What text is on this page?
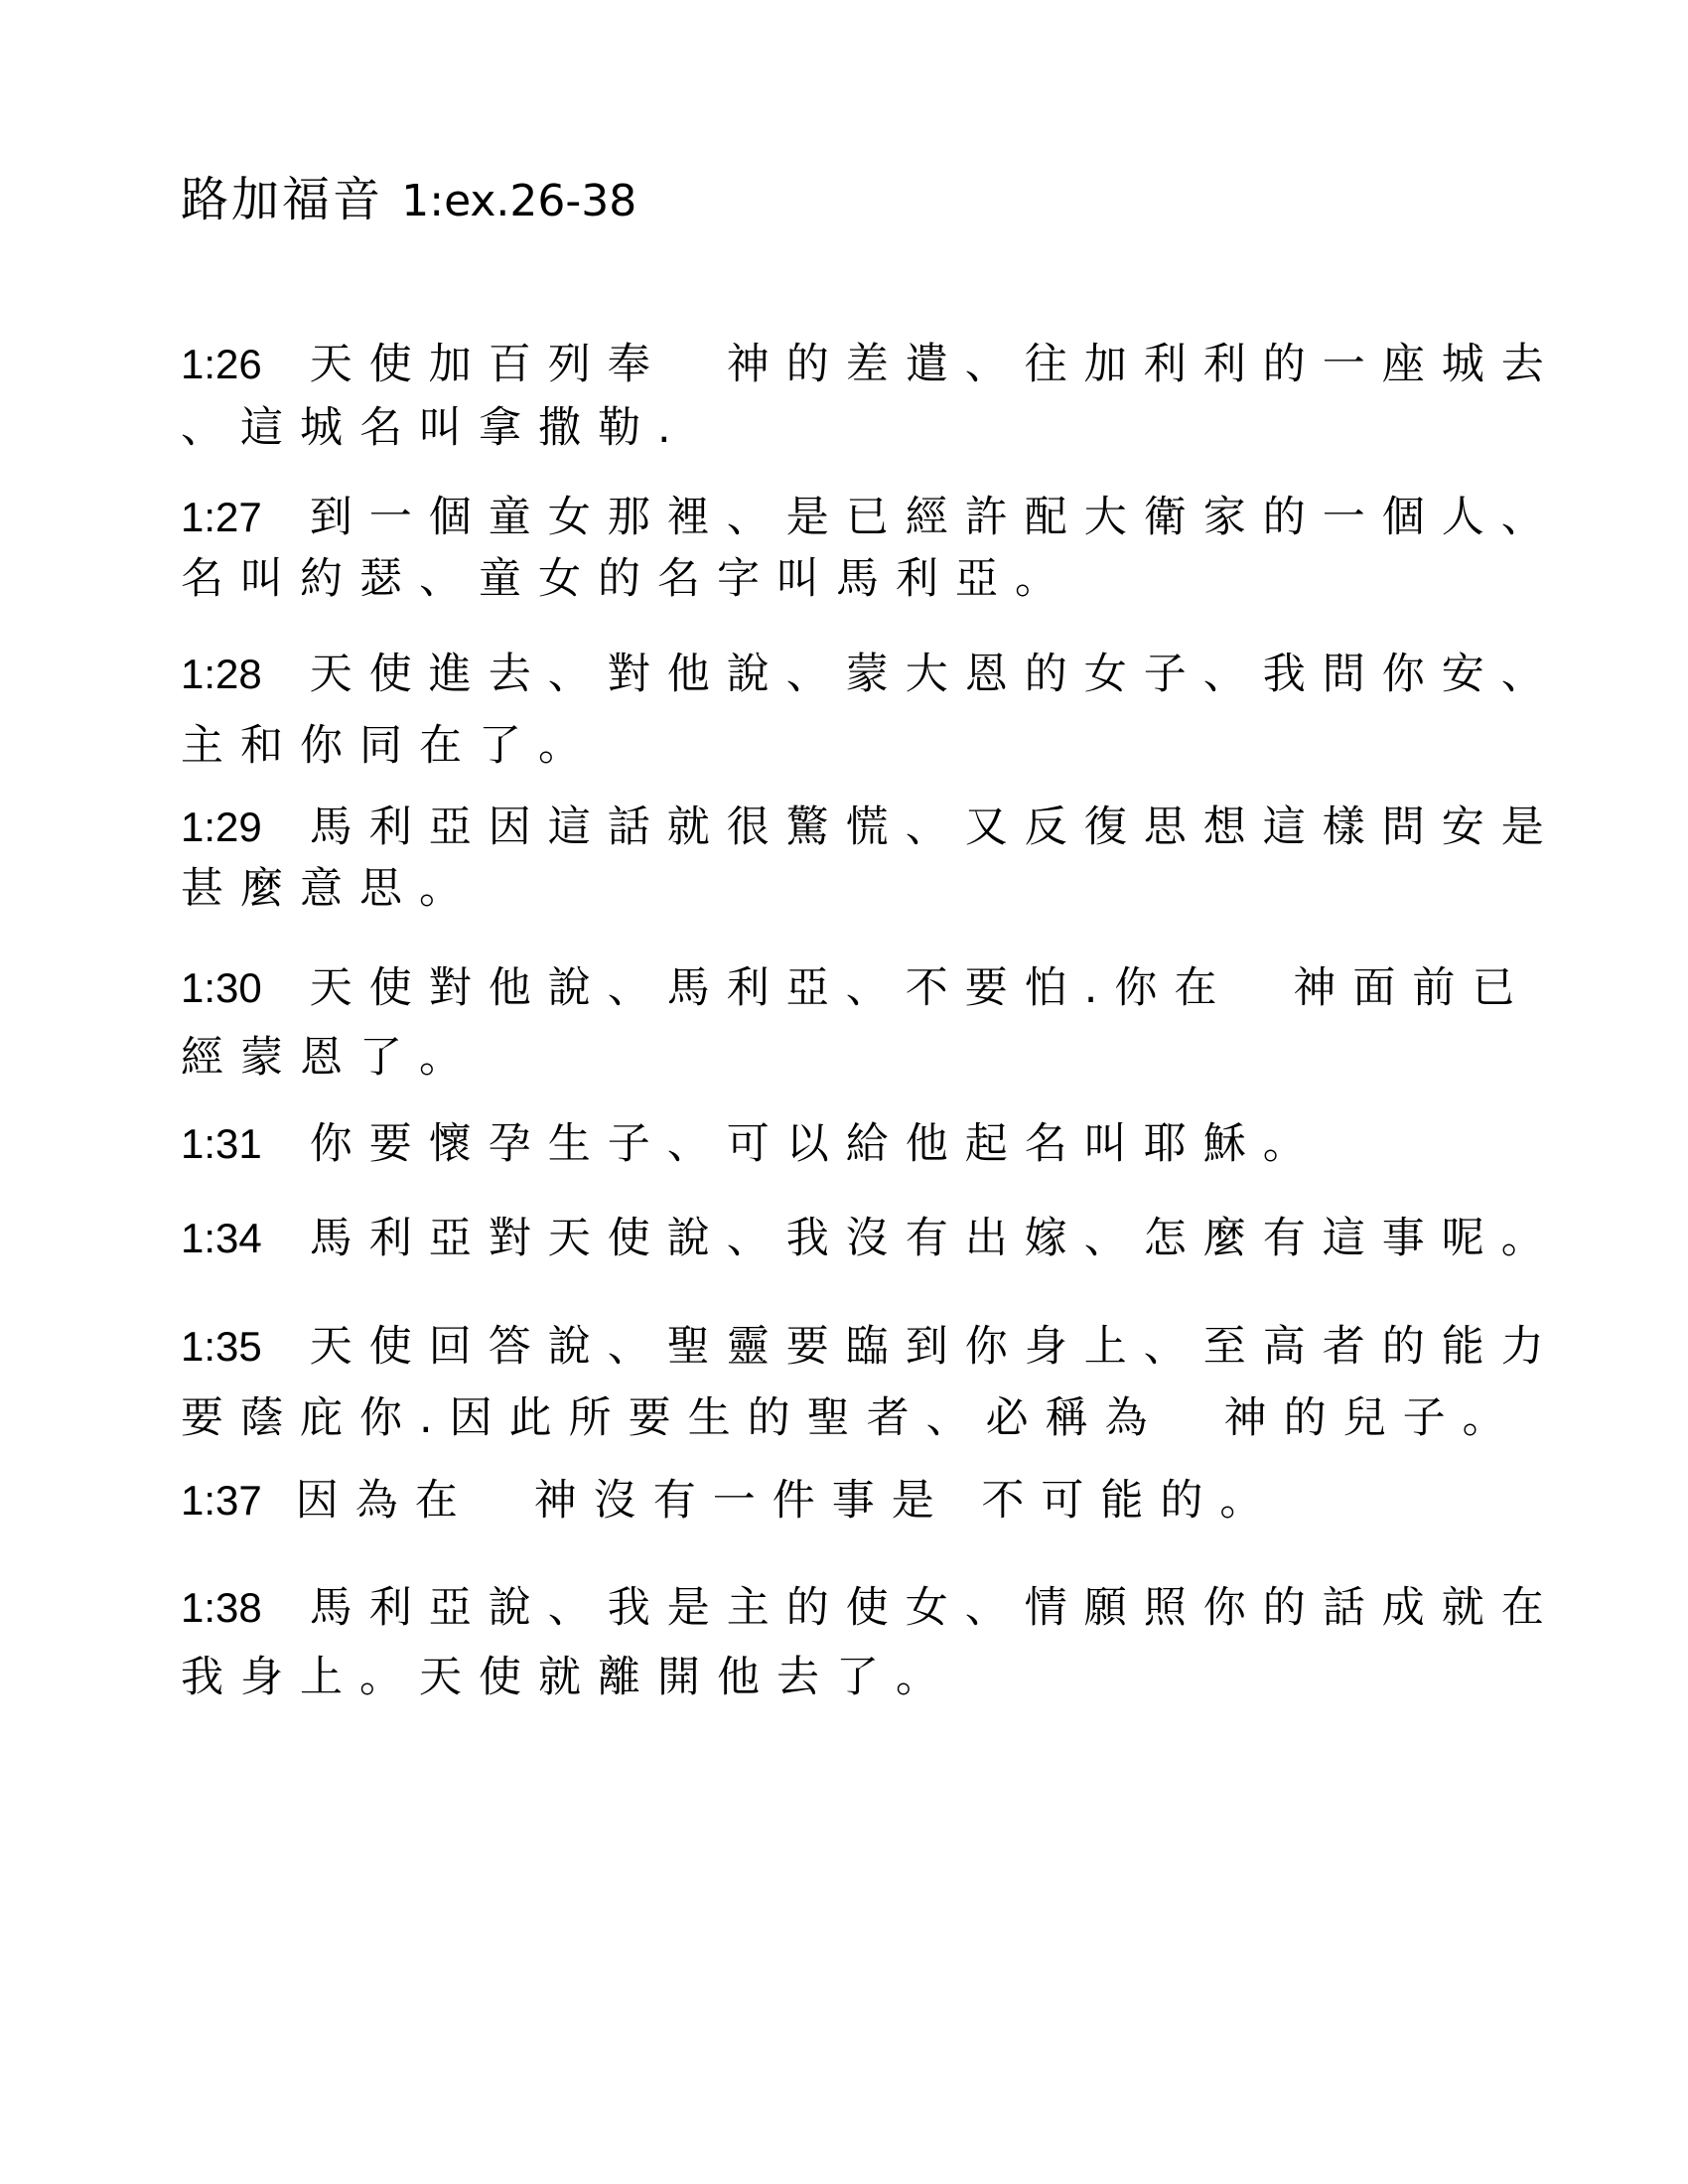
路加福音 1:ex.26-38
1:26 天使加百列奉　神的差遣、往加利利的一座城去
、這城名叫拿撒勒.
1:27 到一個童女那裡、是已經許配大衛家的一個人、
名叫約瑟、童女的名字叫馬利亞。
1:28 天使進去、對他說、蒙大恩的女子、我問你安、
主和你同在了。
1:29 馬利亞因這話就很驚慌、又反復思想這樣問安是
甚麼意思。
1:30 天使對他說、馬利亞、不要怕.你在　神面前已
經蒙恩了。
1:31 你要懷孕生子、可以給他起名叫耶穌。
1:34 馬利亞對天使說、我沒有出嫁、怎麼有這事呢。
1:35 天使回答說、聖靈要臨到你身上、至高者的能力
要蔭庇你.因此所要生的聖者、必稱為　神的兒子。
1:37 因為在　神沒有一件事是 不可能的。
1:38 馬利亞說、我是主的使女、情願照你的話成就在
我身上。天使就離開他去了。
